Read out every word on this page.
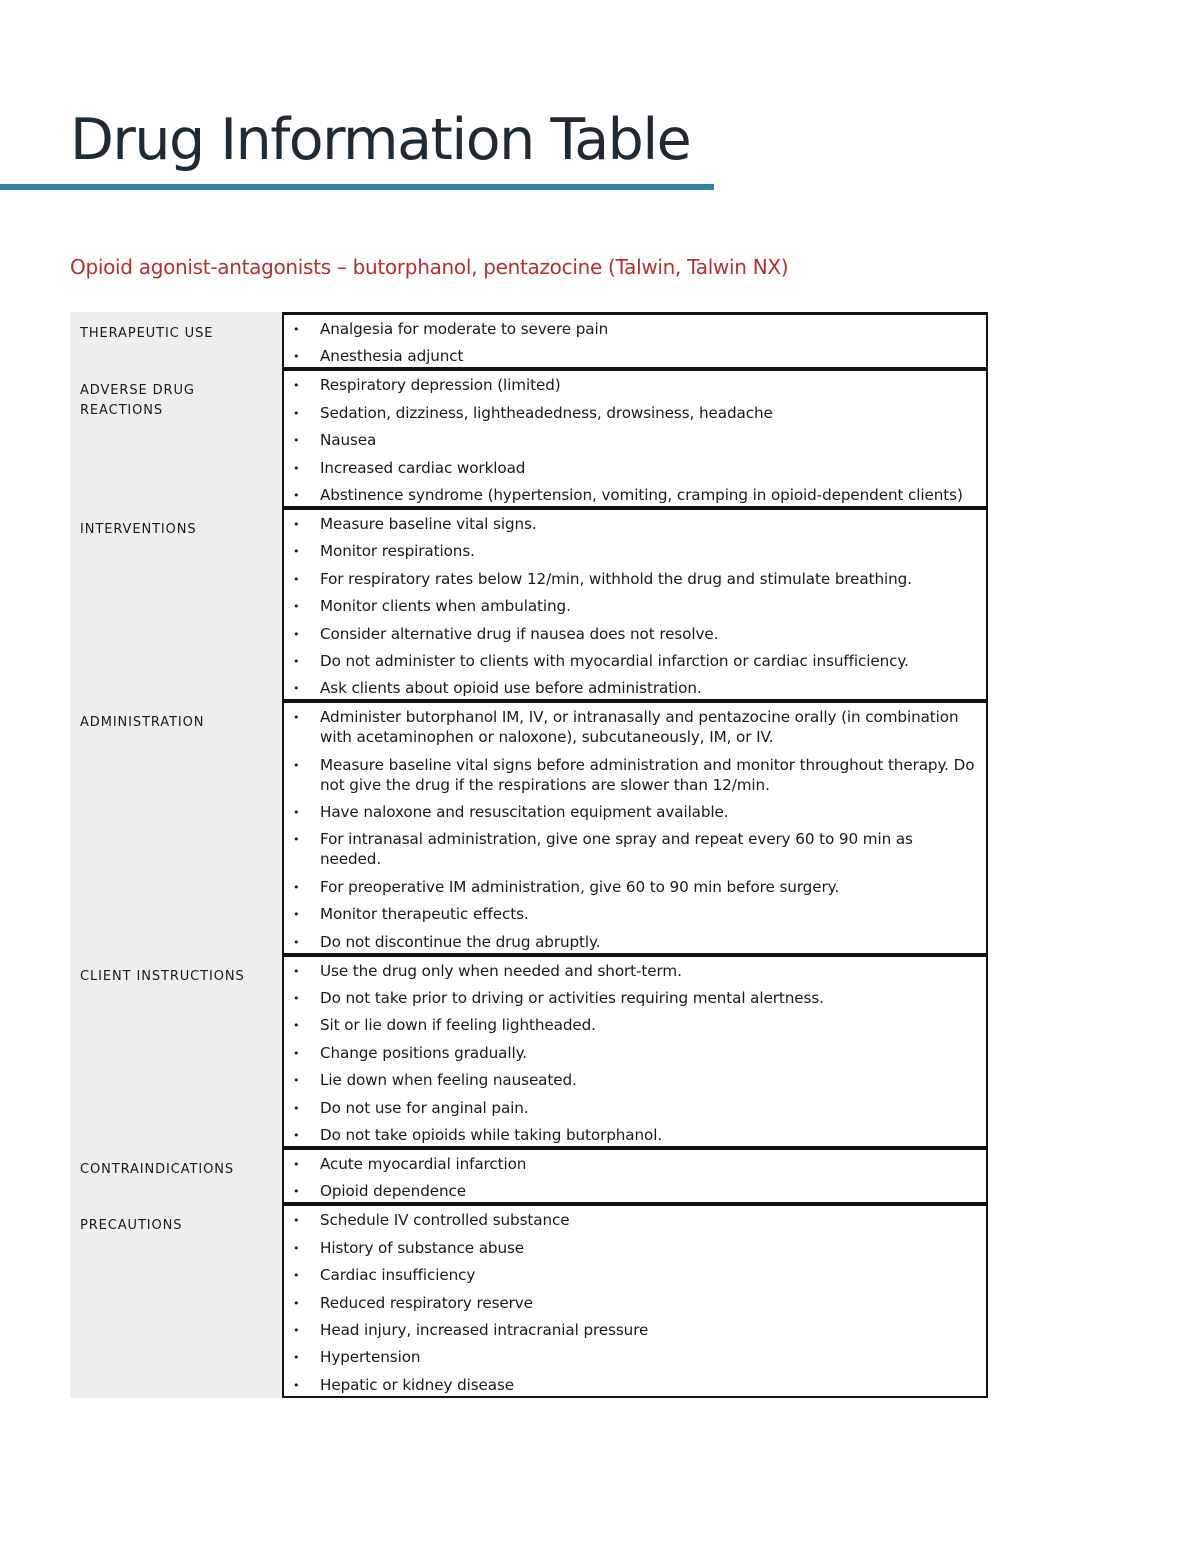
Drug Information Table
Opioid agonist-antagonists – butorphanol, pentazocine (Talwin, Talwin NX)
THERAPEUTIC USE	• Analgesia for moderate to severe pain
• Anesthesia adjunct
ADVERSE DRUG REACTIONS
• Respiratory depression (limited)
• Sedation, dizziness, lightheadedness, drowsiness, headache
• Nausea
• Increased cardiac workload
• Abstinence syndrome (hypertension, vomiting, cramping in opioid-dependent clients)
INTERVENTIONS	• Measure baseline vital signs.
• Monitor respirations.
• For respiratory rates below 12/min, withhold the drug and stimulate breathing.
• Monitor clients when ambulating.
• Consider alternative drug if nausea does not resolve.
• Do not administer to clients with myocardial infarction or cardiac insufficiency.
• Ask clients about opioid use before administration.
ADMINISTRATION	• Administer butorphanol IM, IV, or intranasally and pentazocine orally (in combination with acetaminophen or naloxone), subcutaneously, IM, or IV.
• Measure baseline vital signs before administration and monitor throughout therapy. Do not give the drug if the respirations are slower than 12/min.
• Have naloxone and resuscitation equipment available.
• For intranasal administration, give one spray and repeat every 60 to 90 min as needed.
• For preoperative IM administration, give 60 to 90 min before surgery.
• Monitor therapeutic effects.
• Do not discontinue the drug abruptly.
CLIENT INSTRUCTIONS	• Use the drug only when needed and short-term.
• Do not take prior to driving or activities requiring mental alertness.
• Sit or lie down if feeling lightheaded.
• Change positions gradually.
• Lie down when feeling nauseated.
• Do not use for anginal pain.
• Do not take opioids while taking butorphanol.
CONTRAINDICATIONS	• Acute myocardial infarction
• Opioid dependence
PRECAUTIONS	• Schedule IV controlled substance
• History of substance abuse
• Cardiac insufficiency
• Reduced respiratory reserve
• Head injury, increased intracranial pressure
• Hypertension
• Hepatic or kidney disease
